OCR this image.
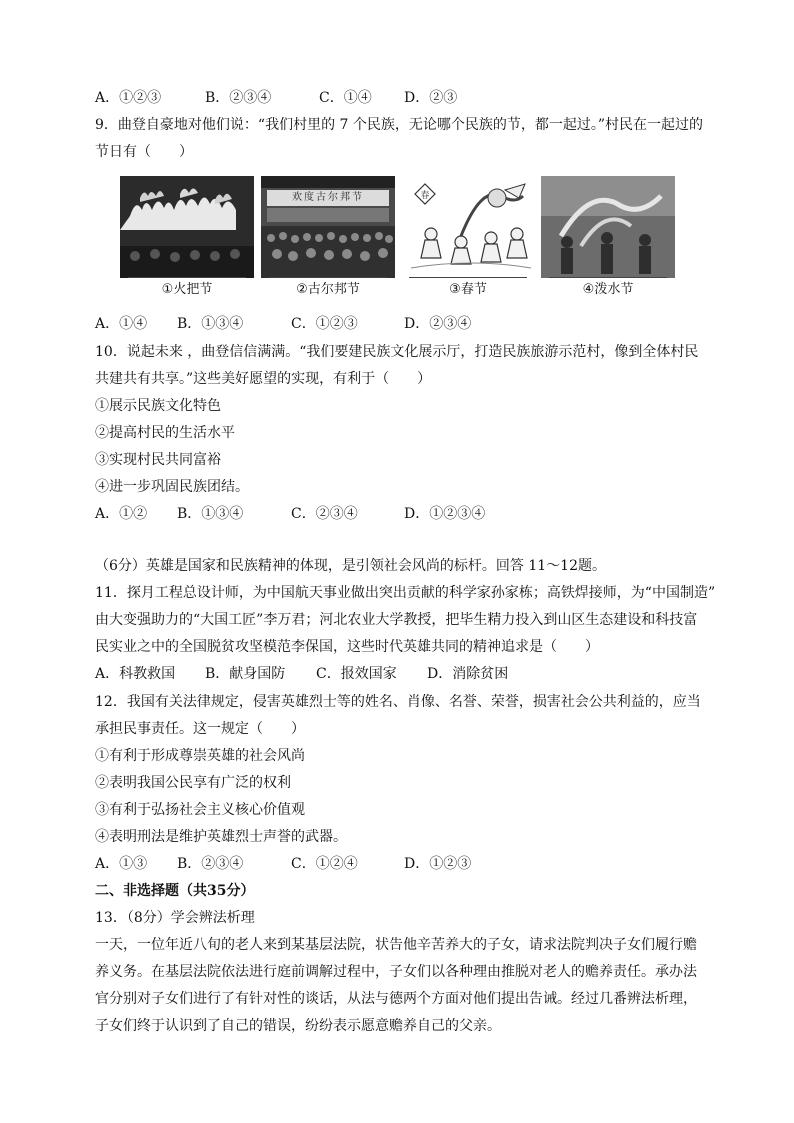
A．①②③	B．②③④	C．①④	D．②③
9．曲登自豪地对他们说：“我们村里的 7 个民族，无论哪个民族的节，都一起过。”村民在一起过的
节日有（　　）
①火把节
欢度古尔邦节
②古尔邦节
春
③春节	④泼水节
A．①④	B．①③④	C．①②③	D．②③④
10．说起未来 ，曲登信信满满。“我们要建民族文化展示厅，打造民族旅游示范村，像到全体村民
共建共有共享。”这些美好愿望的实现，有利于（　　）
①展示民族文化特色
②提高村民的生活水平
③实现村民共同富裕
④进一步巩固民族团结。
A．①②	B．①③④	C．②③④	D．①②③④
（6分）英雄是国家和民族精神的体现，是引领社会风尚的标杆。回答 11～12题。
11．探月工程总设计师，为中国航天事业做出突出贡献的科学家孙家栋；高铁焊接师，为“中国制造”
由大变强助力的“大国工匠”李万君；河北农业大学教授，把毕生精力投入到山区生态建设和科技富
民实业之中的全国脱贫攻坚模范李保国，这些时代英雄共同的精神追求是（　　）
A．科教救国	B．献身国防	C．报效国家	D．消除贫困
12．我国有关法律规定，侵害英雄烈士等的姓名、肖像、名誉、荣誉，损害社会公共利益的，应当
承担民事责任。这一规定（　　）
①有利于形成尊崇英雄的社会风尚
②表明我国公民享有广泛的权利
③有利于弘扬社会主义核心价值观
④表明刑法是维护英雄烈士声誉的武器。
A．①③	B．②③④	C．①②④	D．①②③
二、非选择题（共35分）
13．（8分）学会辨法析理
一天，一位年近八旬的老人来到某基层法院，状告他辛苦养大的子女，请求法院判决子女们履行赡
养义务。在基层法院依法进行庭前调解过程中，子女们以各种理由推脱对老人的赡养责任。承办法
官分别对子女们进行了有针对性的谈话，从法与德两个方面对他们提出告诫。经过几番辨法析理，
子女们终于认识到了自己的错误，纷纷表示愿意赡养自己的父亲。
